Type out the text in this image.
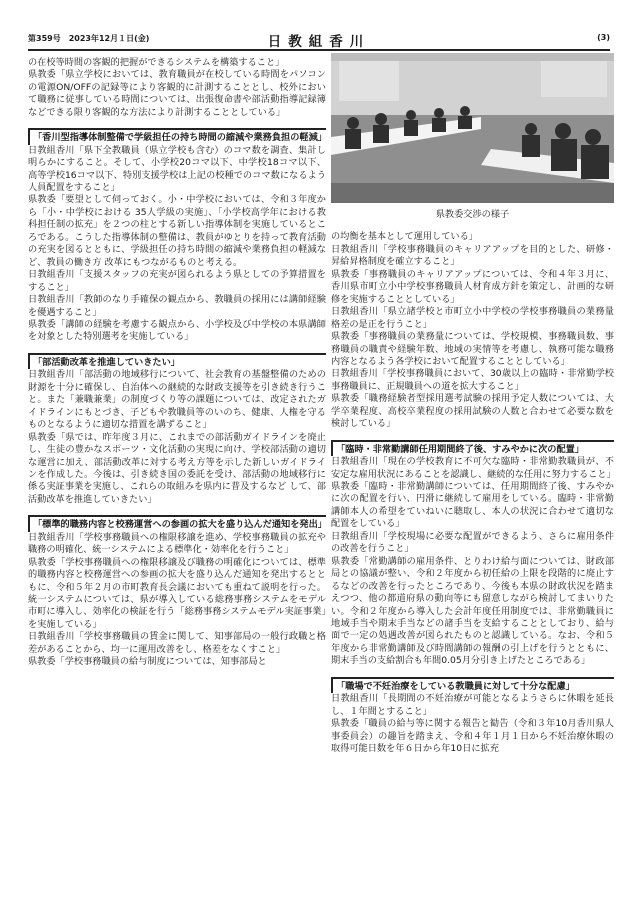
第359号　2023年12月１日(金)	日教組香川	(3)

の在校等時間の客観的把握ができるシステムを構築すること」

県教委「県立学校においては、教育職員が在校している時間をパソコンの電源ON/OFFの記録等により客観的に計測することとし、校外において職務に従事している時間については、出張復命書や部活動指導記録簿などできる限り客観的な方法により計測することとしている」

「香川型指導体制整備で学級担任の持ち時間の縮減や業務負担の軽減」

日教組香川「県下全教職員（県立学校も含む）のコマ数を調査、集計し明らかにすること。そして、小学校20コマ以下、中学校18コマ以下、高等学校16コマ以下、特別支援学校は上記の校種でのコマ数になるよう人員配置をすること」

県教委「要望として伺っておく。小・中学校においては、令和３年度から「小・中学校における 35人学級の実施」、「小学校高学年における教科担任制の拡充」を２つの柱とする新しい指導体制を実施しているところである。こうした指導体制の整備は、教員がゆとりを持って教育活動の充実を図るとともに、学級担任の持ち時間の縮減や業務負担の軽減など、教員の働き方 改革にもつながるものと考える。

日教組香川「支援スタッフの充実が図られるよう県としての予算措置をすること」

日教組香川「教師のなり手確保の観点から、教職員の採用には講師経験を優遇すること」

県教委「講師の経験を考慮する観点から、小学校及び中学校の本県講師を対象とした特別選考を実施している」

「部活動改革を推進していきたい」

日教組香川「部活動の地域移行について、社会教育の基盤整備のための財源を十分に確保し、自治体への継続的な財政支援等を引き続き行うこと。また「兼職兼業」の制度づくり等の課題については、改定されたガイドラインにもとづき、子どもや教職員等のいのち、健康、人権を守るものとなるように適切な措置を講ずること」

県教委「県では、昨年度３月に、これまでの部活動ガイドラインを廃止し、生徒の豊かなスポーツ・文化活動の実現に向け、学校部活動の適切な運営に加え、部活動改革に対する考え方等を示した新しいガイドラインを作成した。今後は、引き続き国の委託を受け、部活動の地域移行に係る実証事業を実施し、これらの取組みを県内に普及するなど して、部活動改革を推進していきたい」

「標準的職務内容と校務運営への参画の拡大を盛り込んだ通知を発出」

日教組香川「学校事務職員への権限移譲を進め、学校事務職員の拡充や職務の明確化、統一システムによる標準化・効率化を行うこと」

県教委「学校事務職員への権限移譲及び職務の明確化については、標準的職務内容と校務運営への参画の拡大を盛り込んだ通知を発出するとともに、令和５年２月の市町教育長会議においても重ねて説明を行った。統一システムについては、県が導入している総務事務システムをモデル市町に導入し、効率化の検証を行う「総務事務システムモデル実証事業」を実施している」

日教組香川「学校事務職員の賃金に関して、知事部局の一般行政職と格差があることから、均一に運用改善をし、格差をなくすこと」

県教委「学校事務職員の給与制度については、知事部局と

県教委交渉の様子

の均衡を基本として運用している」

日教組香川「学校事務職員のキャリアアップを目的とした、研修・昇給昇格制度を確立すること」

県教委「事務職員のキャリアアップについては、令和４年３月に、香川県市町立小中学校事務職員人材育成方針を策定し、計画的な研修を実施することとしている」

日教組香川「県立諸学校と市町立小中学校の学校事務職員の業務量格差の是正を行うこと」

県教委「事務職員の業務量については、学校規模、事務職員数、事務職員の職責や経験年数、地域の実情等を考慮し、執務可能な職務内容となるよう各学校において配置することとしている」

日教組香川「学校事務職員において、30歳以上の臨時・非常勤学校事務職員に、正規職員への道を拡大すること」

県教委「職務経験者型採用選考試験の採用予定人数については、大学卒業程度、高校卒業程度の採用試験の人数と合わせて必要な数を検討している」

「臨時・非常勤講師任用期間終了後、すみやかに次の配置」

日教組香川「現在の学校教育に不可欠な臨時・非常勤教職員が、不安定な雇用状況にあることを認識し、継続的な任用に努力すること」

県教委「臨時・非常勤講師については、任用期間終了後、すみやかに次の配置を行い、円滑に継続して雇用をしている。臨時・非常勤講師本人の希望をていねいに聴取し、本人の状況に合わせて適切な配置をしている」

日教組香川「学校現場に必要な配置ができるよう、さらに雇用条件の改善を行うこと」

県教委「常勤講師の雇用条件、とりわけ給与面については、財政部局との協議が整い、令和２年度から初任給の上限を段階的に廃止するなどの改善を行ったところであり、今後も本県の財政状況を踏まえつつ、他の都道府県の動向等にも留意しながら検討してまいりたい。令和２年度から導入した会計年度任用制度では、非常勤職員に地域手当や期末手当などの諸手当を支給することとしており、給与面で一定の処遇改善が図られたものと認識している。なお、令和５年度から非常勤講師及び時間講師の報酬の引上げを行うとともに、期末手当の支給割合も年間0.05月分引き上げたところである」

「職場で不妊治療をしている教職員に対して十分な配慮」

日教組香川「長期間の不妊治療が可能となるようさらに休暇を延長し、１年間とすること」

県教委「職員の給与等に関する報告と勧告（令和３年10月香川県人事委員会）の趣旨を踏まえ、令和４年１月１日から不妊治療休暇の取得可能日数を年６日から年10日に拡充
